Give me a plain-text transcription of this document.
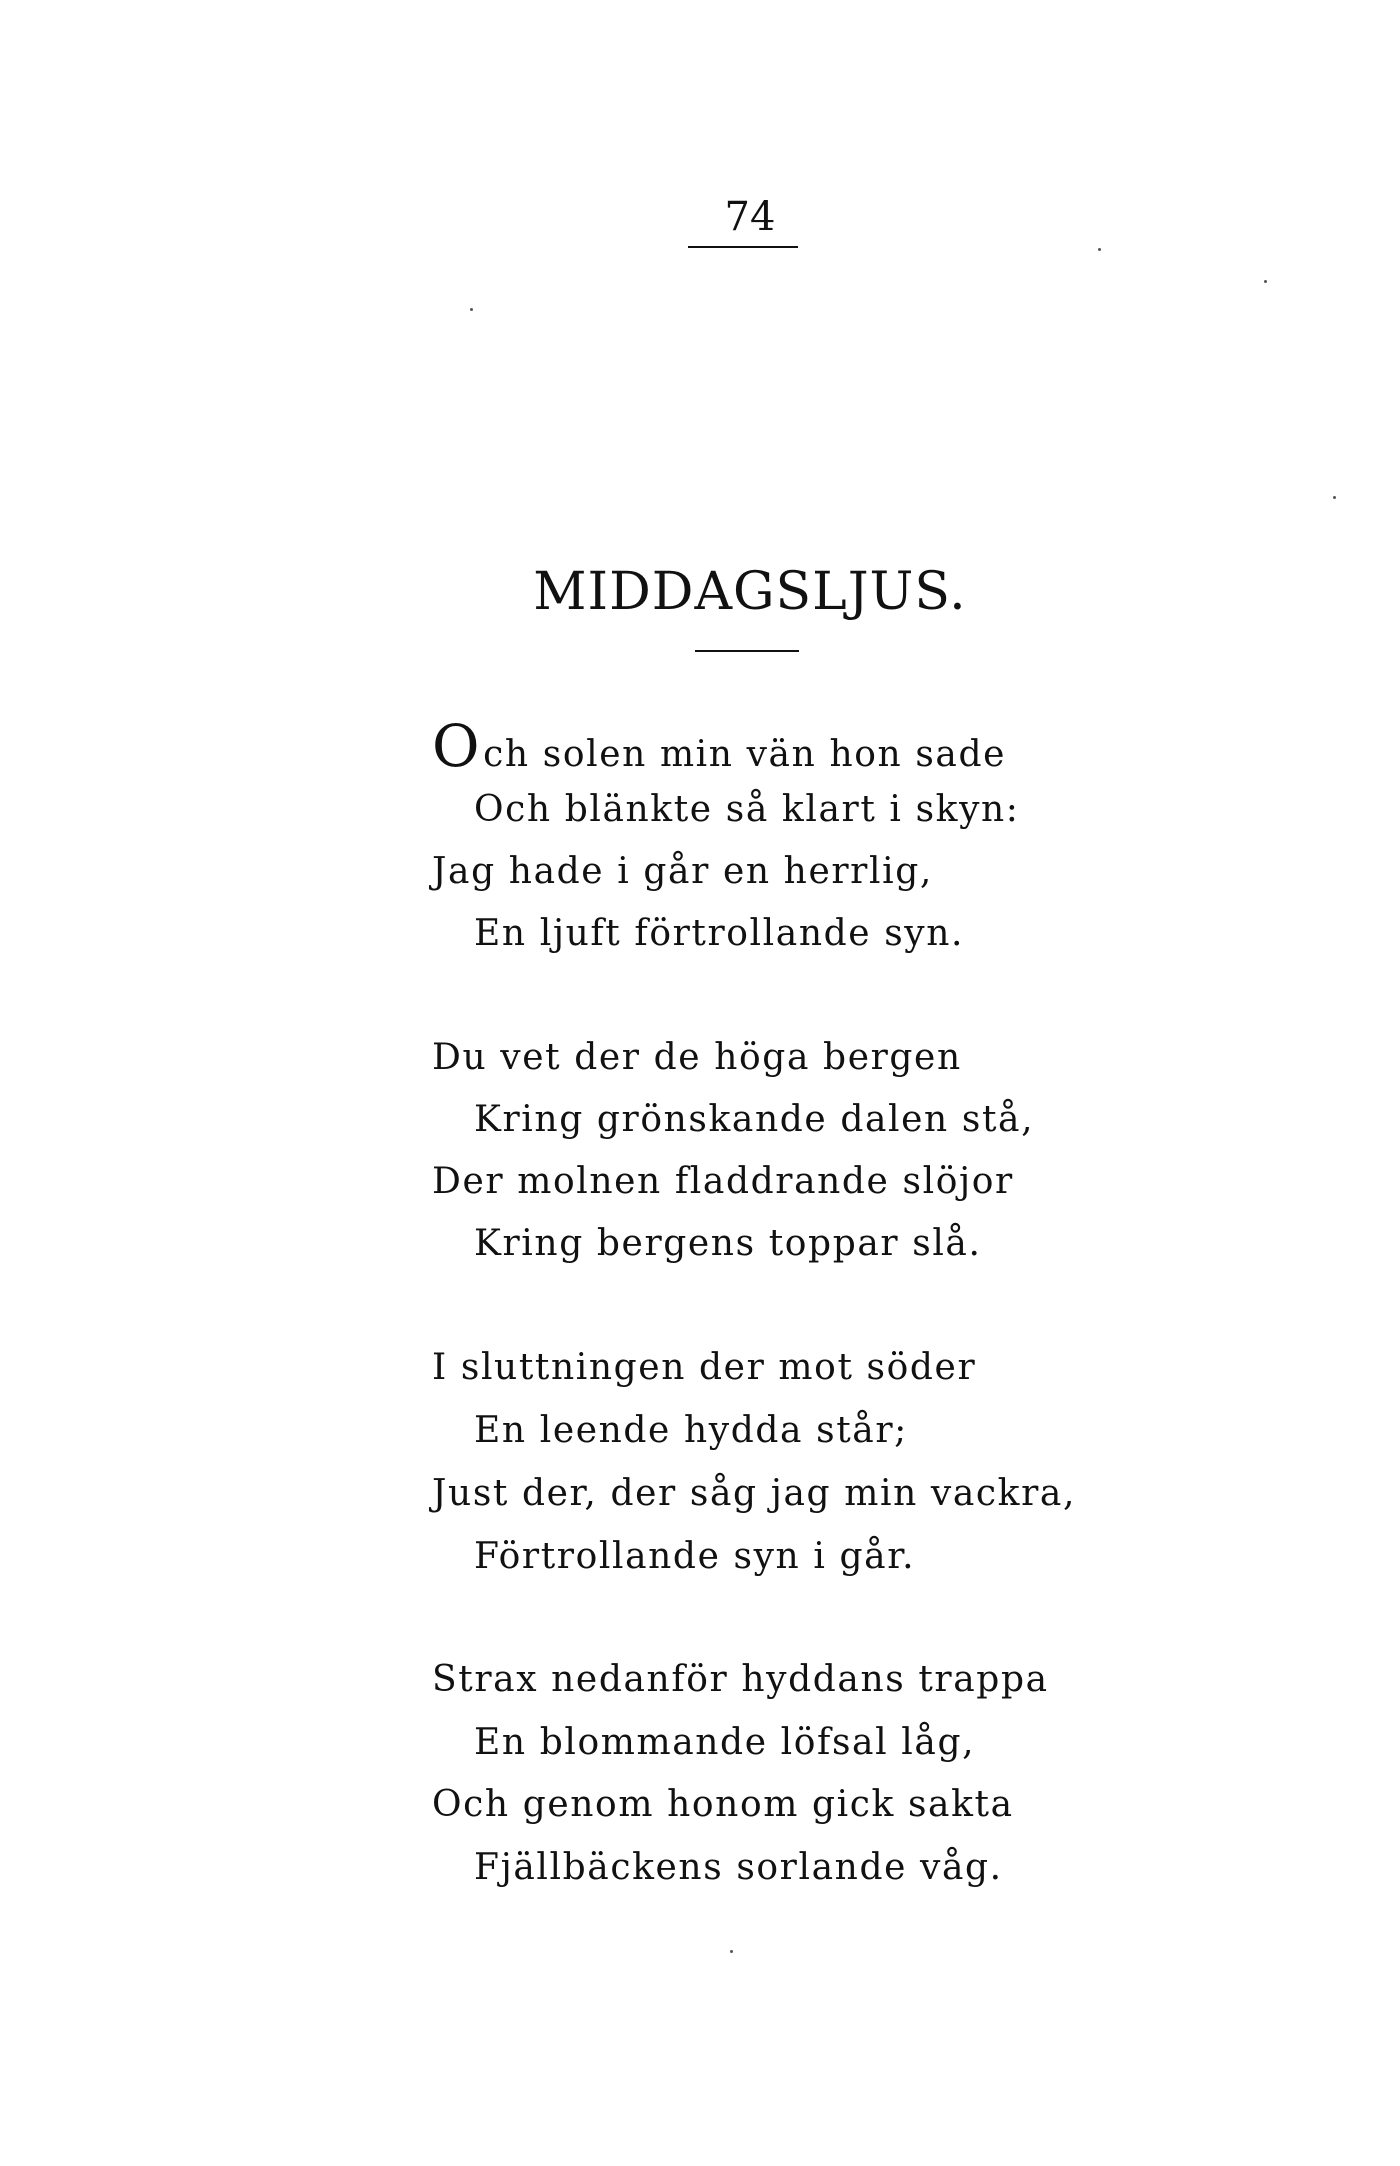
74
MIDDAGSLJUS.
Och solen min vän hon sade
Och blänkte så klart i skyn:
Jag hade i går en herrlig,
En ljuft förtrollande syn.
Du vet der de höga bergen
Kring grönskande dalen stå,
Der molnen fladdrande slöjor
Kring bergens toppar slå.
I sluttningen der mot söder
En leende hydda står;
Just der, der såg jag min vackra,
Förtrollande syn i går.
Strax nedanför hyddans trappa
En blommande löfsal låg,
Och genom honom gick sakta
Fjällbäckens sorlande våg.
